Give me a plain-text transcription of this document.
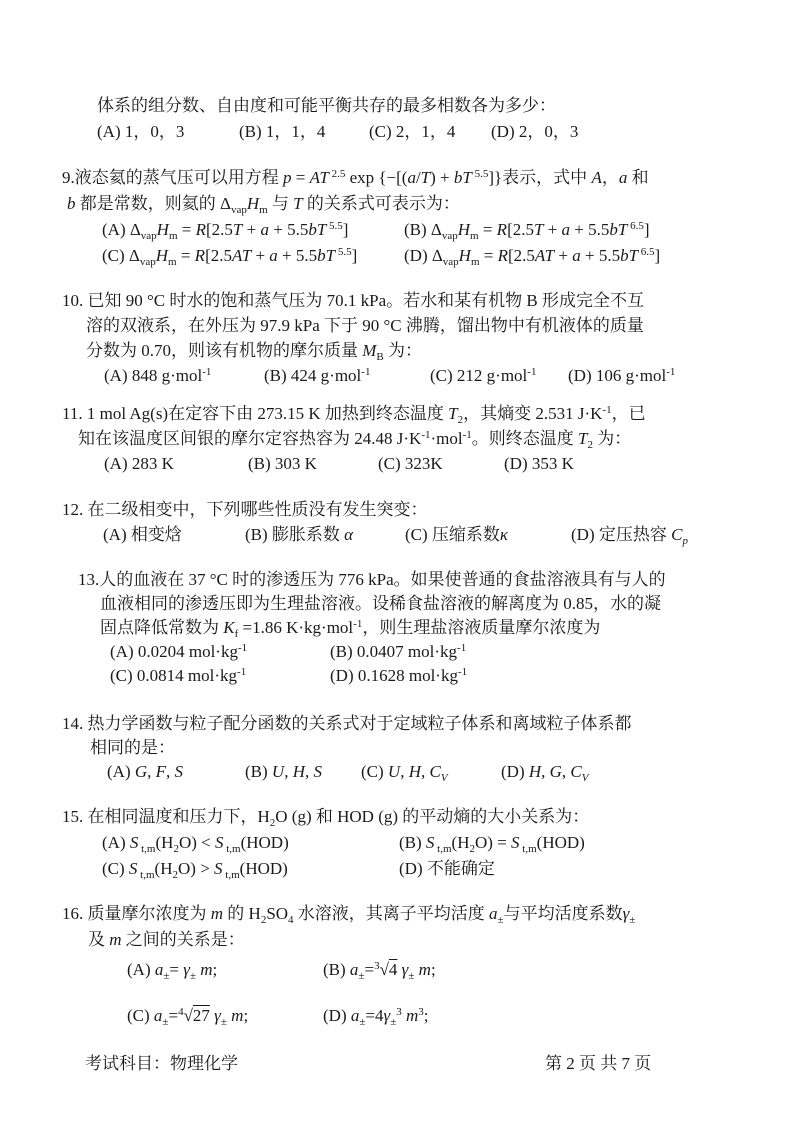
体系的组分数、自由度和可能平衡共存的最多相数各为多少：
(A) 1，0，3	(B) 1，1，4	(C) 2，1，4	(D) 2，0，3
9.液态氦的蒸气压可以用方程 p = AT $^{2.5}$ exp {−[(a/T) + bT $^{5.5}$]}表示，式中 A，a 和
b 都是常数，则氦的 $\Delta_{vap}H_m$ 与 T 的关系式可表示为：
(A) $\Delta_{vap}H_m = R[2.5T + a + 5.5bT$ $^{5.5}$]	(B) $\Delta_{vap}H_m = R[2.5T + a + 5.5bT$ $^{6.5}$]
(C) $\Delta_{vap}H_m = R[2.5AT + a + 5.5bT$ $^{5.5}$]	(D) $\Delta_{vap}H_m = R[2.5AT + a + 5.5bT$ $^{6.5}$]
10. 已知 90 °C 时水的饱和蒸气压为 70.1 kPa。若水和某有机物 B 形成完全不互
溶的双液系，在外压为 97.9 kPa 下于 90 °C 沸腾，馏出物中有机液体的质量
分数为 0.70，则该有机物的摩尔质量 $M_B$ 为：
(A) 848 g·mol$^{-1}$	(B) 424 g·mol$^{-1}$	(C) 212 g·mol$^{-1}$	(D) 106 g·mol$^{-1}$
11. 1 mol Ag(s)在定容下由 273.15 K 加热到终态温度 $T_2$，其熵变 2.531 $J\cdot K^{-1}$，已
知在该温度区间银的摩尔定容热容为 24.48 $J\cdot K^{-1}\cdot mol^{-1}$。则终态温度 $T_2$ 为：
(A) 283 K	(B) 303 K	(C) 323K	(D) 353 K
12. 在二级相变中，下列哪些性质没有发生突变：
(A) 相变焓	(B) 膨胀系数 α	(C) 压缩系数κ	(D) 定压热容 $C_p$
13.人的血液在 37 °C 时的渗透压为 776 kPa。如果使普通的食盐溶液具有与人的
血液相同的渗透压即为生理盐溶液。设稀食盐溶液的解离度为 0.85，水的凝
固点降低常数为 $K_f =1.86$ K·kg·mol$^{-1}$，则生理盐溶液质量摩尔浓度为
(A) 0.0204 $mol\cdot kg^{-1}$	(B) 0.0407 $mol\cdot kg^{-1}$
(C) 0.0814 $mol\cdot kg^{-1}$	(D) 0.1628 $mol\cdot kg^{-1}$
14. 热力学函数与粒子配分函数的关系式对于定域粒子体系和离域粒子体系都
相同的是：
(A) G, F, S	(B) U, H, S	(C) U, H, $C_V$	(D) H, G, $C_V$
15. 在相同温度和压力下，$H_2O$ (g) 和 HOD (g) 的平动熵的大小关系为：
(A) S $_{t,m}(H_2O) < S$ $_{t,m}$(HOD)	(B) S $_{t,m}(H_2O) = S$ $_{t,m}$(HOD)
(C) S $_{t,m}(H_2O) > S$ $_{t,m}$(HOD)	(D) 不能确定
16. 质量摩尔浓度为 m 的 $H_2SO_4$ 水溶液，其离子平均活度 $a_\pm$与平均活度系数$\gamma_\pm$
及 m 之间的关系是：
(A) $a_\pm= \gamma_\pm$ m;	(B) $a_\pm=^3√4$ $\gamma_\pm$ m;
(C) $a_\pm=^4√27$ $\gamma_\pm$ m;	(D) $a_\pm=4\gamma_\pm^3$ $m^3$;
考试科目：物理化学	第 2 页 共 7 页
